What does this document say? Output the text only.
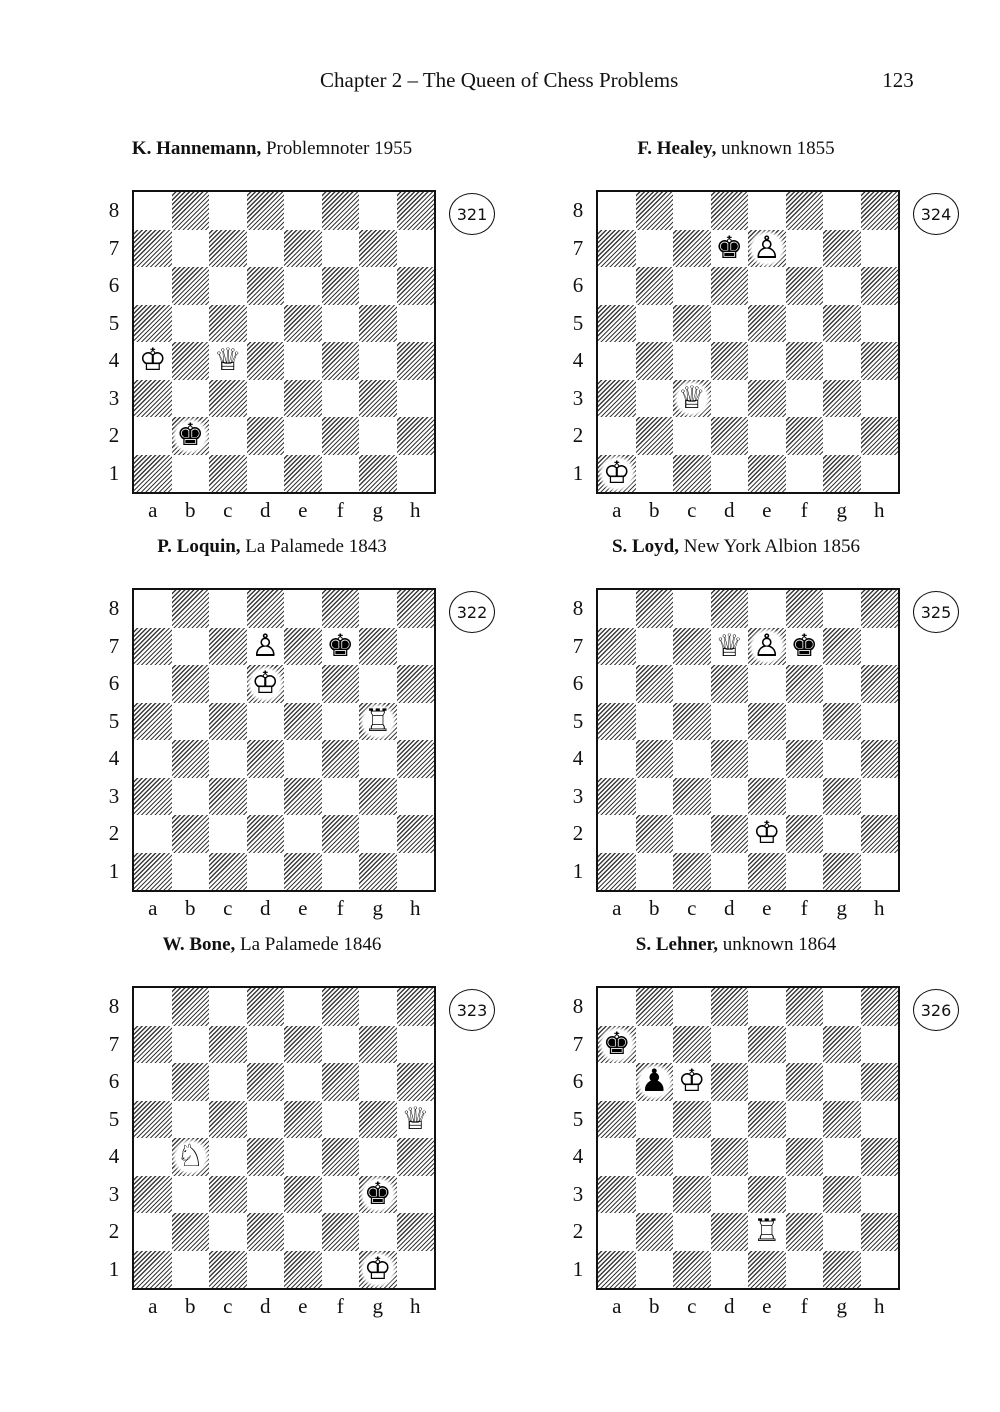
Chapter 2 – The Queen of Chess Problems	123
K. Hannemann, Problemnoter 1955
♔ ♕
♚
8
7
6
5
4
3
2
1
a	b	c	d	e	f	g	h
321
P. Loquin, La Palamede 1843
♙ ♚
♔
♖
8
7
6
5
4
3
2
1
a	b	c	d	e	f	g	h
322
W. Bone, La Palamede 1846
♕
♘
♚
♔
8
7
6
5
4
3
2
1
a	b	c	d	e	f	g	h
323
F. Healey, unknown 1855
♚ ♙
♕
♔
8
7
6
5
4
3
2
1
a	b	c	d	e	f	g	h
324
S. Loyd, New York Albion 1856
♕ ♙ ♚
♔
8
7
6
5
4
3
2
1
a	b	c	d	e	f	g	h
325
S. Lehner, unknown 1864
♚
♟ ♔
♖
8
7
6
5
4
3
2
1
a	b	c	d	e	f	g	h
326
